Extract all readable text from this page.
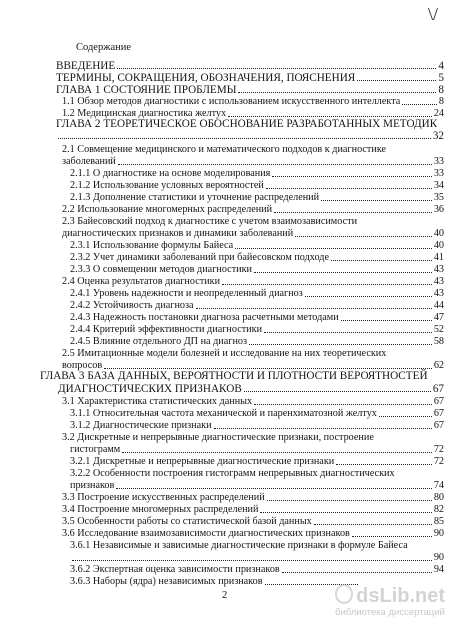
\/
Содержание
ВВЕДЕНИЕ	4
ТЕРМИНЫ, СОКРАЩЕНИЯ, ОБОЗНАЧЕНИЯ, ПОЯСНЕНИЯ	5
ГЛАВА 1 СОСТОЯНИЕ ПРОБЛЕМЫ	8
1.1 Обзор методов диагностики с использованием искусственного интеллекта	8
1.2 Медицинская диагностика желтух	24
ГЛАВА 2 ТЕОРЕТИЧЕСКОЕ ОБОСНОВАНИЕ РАЗРАБОТАННЫХ МЕТОДИК
32
2.1 Совмещение медицинского и математического подходов к диагностике
заболеваний	33
2.1.1 О диагностике на основе моделирования	33
2.1.2 Использование условных вероятностей	34
2.1.3 Дополнение статистики и уточнение распределений	35
2.2 Использование многомерных распределений	36
2.3 Байесовский подход к диагностике с учетом взаимозависимости
диагностических признаков и динамики заболеваний	40
2.3.1 Использование формулы Байеса	40
2.3.2 Учет динамики заболеваний при байесовском подходе	41
2.3.3 О совмещении методов диагностики	43
2.4 Оценка результатов диагностики	43
2.4.1 Уровень надежности и неопределенный диагноз	43
2.4.2 Устойчивость диагноза	44
2.4.3 Надежность постановки диагноза расчетными методами	47
2.4.4 Критерий эффективности диагностики	52
2.4.5 Влияние отдельного ДП на диагноз	58
2.5 Имитационные модели болезней и исследование на них теоретических
вопросов	62
ГЛАВА 3 БАЗА ДАННЫХ, ВЕРОЯТНОСТИ И ПЛОТНОСТИ ВЕРОЯТНОСТЕЙ
ДИАГНОСТИЧЕСКИХ ПРИЗНАКОВ	67
3.1 Характеристика статистических данных	67
3.1.1 Относительная частота механической и паренхиматозной желтух	67
3.1.2 Диагностические признаки	67
3.2 Дискретные и непрерывные диагностические признаки, построение
гистограмм	72
3.2.1 Дискретные и непрерывные диагностические признаки	72
3.2.2 Особенности построения гистограмм непрерывных диагностических
признаков	74
3.3 Построение искусственных распределений	80
3.4 Построение многомерных распределений	82
3.5 Особенности работы со статистической базой данных	85
3.6 Исследование взаимозависимости диагностических признаков	90
3.6.1 Независимые и зависимые диагностические признаки в формуле Байеса
90
3.6.2 Экспертная оценка зависимости признаков	94
3.6.3 Наборы (ядра) независимых признаков
2	dsLib.net
библиотека диссертаций
